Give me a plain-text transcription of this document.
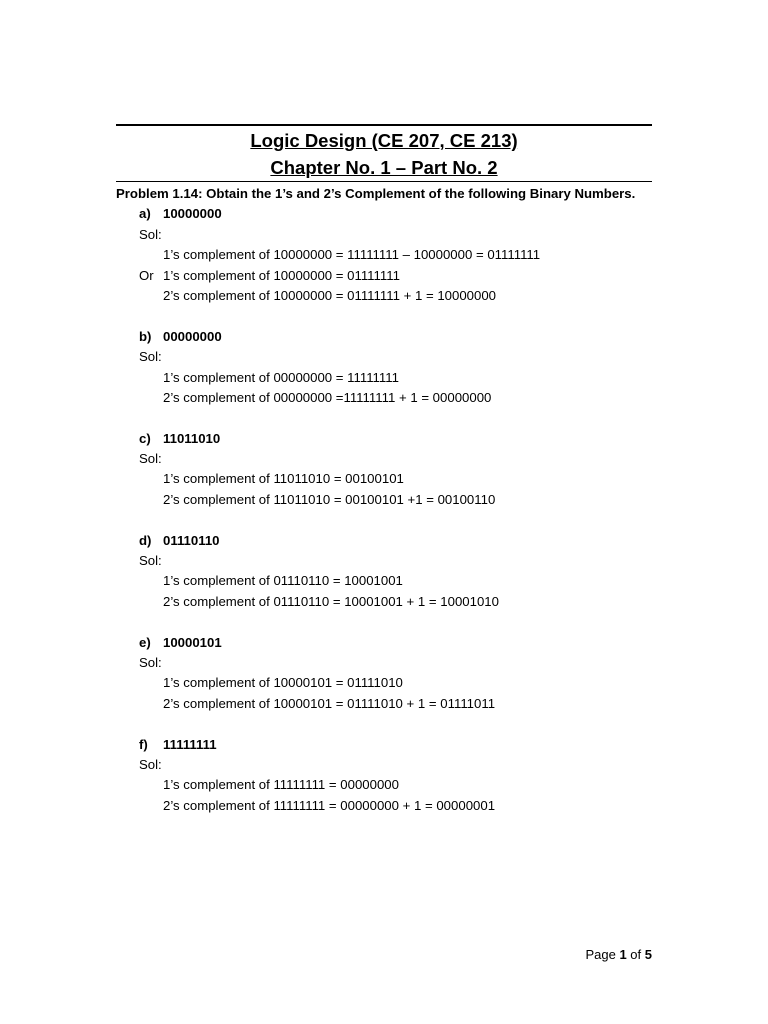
Logic Design (CE 207, CE 213)
Chapter No. 1 – Part No. 2
Problem 1.14: Obtain the 1’s and 2’s Complement of the following Binary Numbers.
a) 10000000
Sol:
1’s complement of 10000000 = 11111111 – 10000000 = 01111111
Or 1’s complement of 10000000 = 01111111
2’s complement of 10000000 = 01111111 + 1 = 10000000
b) 00000000
Sol:
1’s complement of 00000000 = 11111111
2’s complement of 00000000 =11111111 + 1 = 00000000
c) 11011010
Sol:
1’s complement of 11011010 = 00100101
2’s complement of 11011010 = 00100101 +1 = 00100110
d) 01110110
Sol:
1’s complement of 01110110 = 10001001
2’s complement of 01110110 = 10001001 + 1 = 10001010
e) 10000101
Sol:
1’s complement of 10000101 = 01111010
2’s complement of 10000101 = 01111010 + 1 = 01111011
f) 11111111
Sol:
1’s complement of 11111111 = 00000000
2’s complement of 11111111 = 00000000 + 1 = 00000001
Page 1 of 5
